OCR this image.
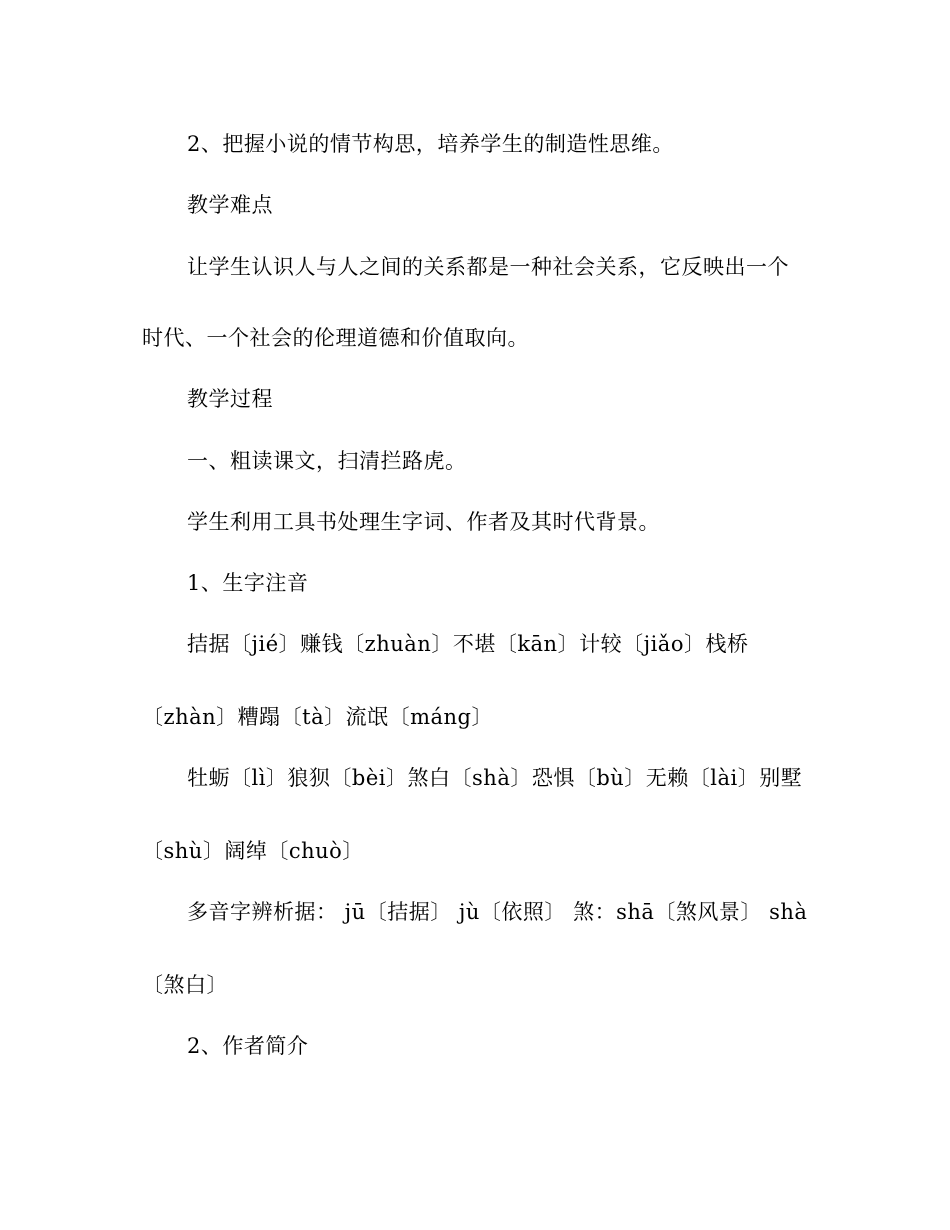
2、把握小说的情节构思，培养学生的制造性思维。
教学难点
让学生认识人与人之间的关系都是一种社会关系，它反映出一个
时代、一个社会的伦理道德和价值取向。
教学过程
一、粗读课文，扫清拦路虎。
学生利用工具书处理生字词、作者及其时代背景。
1、生字注音
拮据〔jié〕赚钱〔zhuàn〕不堪〔kān〕计较〔jiǎo〕栈桥
〔zhàn〕糟蹋〔tà〕流氓〔máng〕
牡蛎〔lì〕狼狈〔bèi〕煞白〔shà〕恐惧〔bù〕无赖〔lài〕别墅
〔shù〕阔绰〔chuò〕
多音字辨析据： jū〔拮据〕 jù〔依照〕 煞：shā〔煞风景〕 shà
〔煞白〕
2、作者简介
